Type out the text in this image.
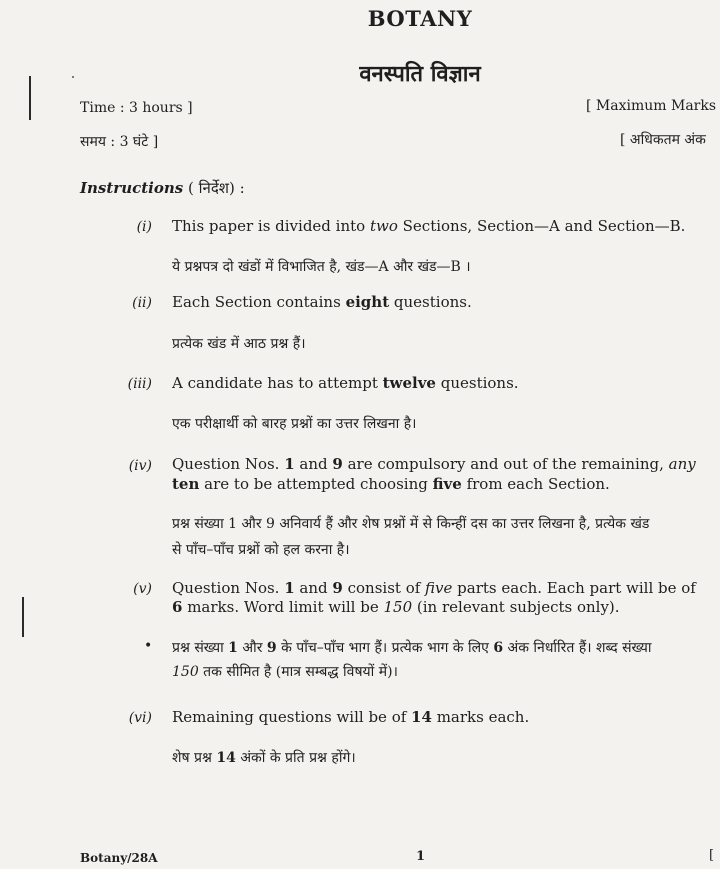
BOTANY
वनस्पति विज्ञान
Time : 3 hours ]
समय : 3 घंटे ]
[ Maximum Marks
[ अधिकतम अंक
Instructions ( निर्देश) :
(i) This paper is divided into two Sections, Section—A and Section—B.
ये प्रश्नपत्र दो खंडों में विभाजित है, खंड—A और खंड—B ।
(ii) Each Section contains eight questions.
प्रत्येक खंड में आठ प्रश्न हैं।
(iii) A candidate has to attempt twelve questions.
एक परीक्षार्थी को बारह प्रश्नों का उत्तर लिखना है।
(iv) Question Nos. 1 and 9 are compulsory and out of the remaining, any
ten are to be attempted choosing five from each Section.
प्रश्न संख्या 1 और 9 अनिवार्य हैं और शेष प्रश्नों में से किन्हीं दस का उत्तर लिखना है, प्रत्येक खंड
से पाँच–पाँच प्रश्नों को हल करना है।
(v) Question Nos. 1 and 9 consist of five parts each. Each part will be of
6 marks. Word limit will be 150 (in relevant subjects only).
• प्रश्न संख्या 1 और 9 के पाँच–पाँच भाग हैं। प्रत्येक भाग के लिए 6 अंक निर्धारित हैं। शब्द संख्या
150 तक सीमित है (मात्र सम्बद्ध विषयों में)।
(vi) Remaining questions will be of 14 marks each.
शेष प्रश्न 14 अंकों के प्रति प्रश्न होंगे।
Botany/28A	1	[
